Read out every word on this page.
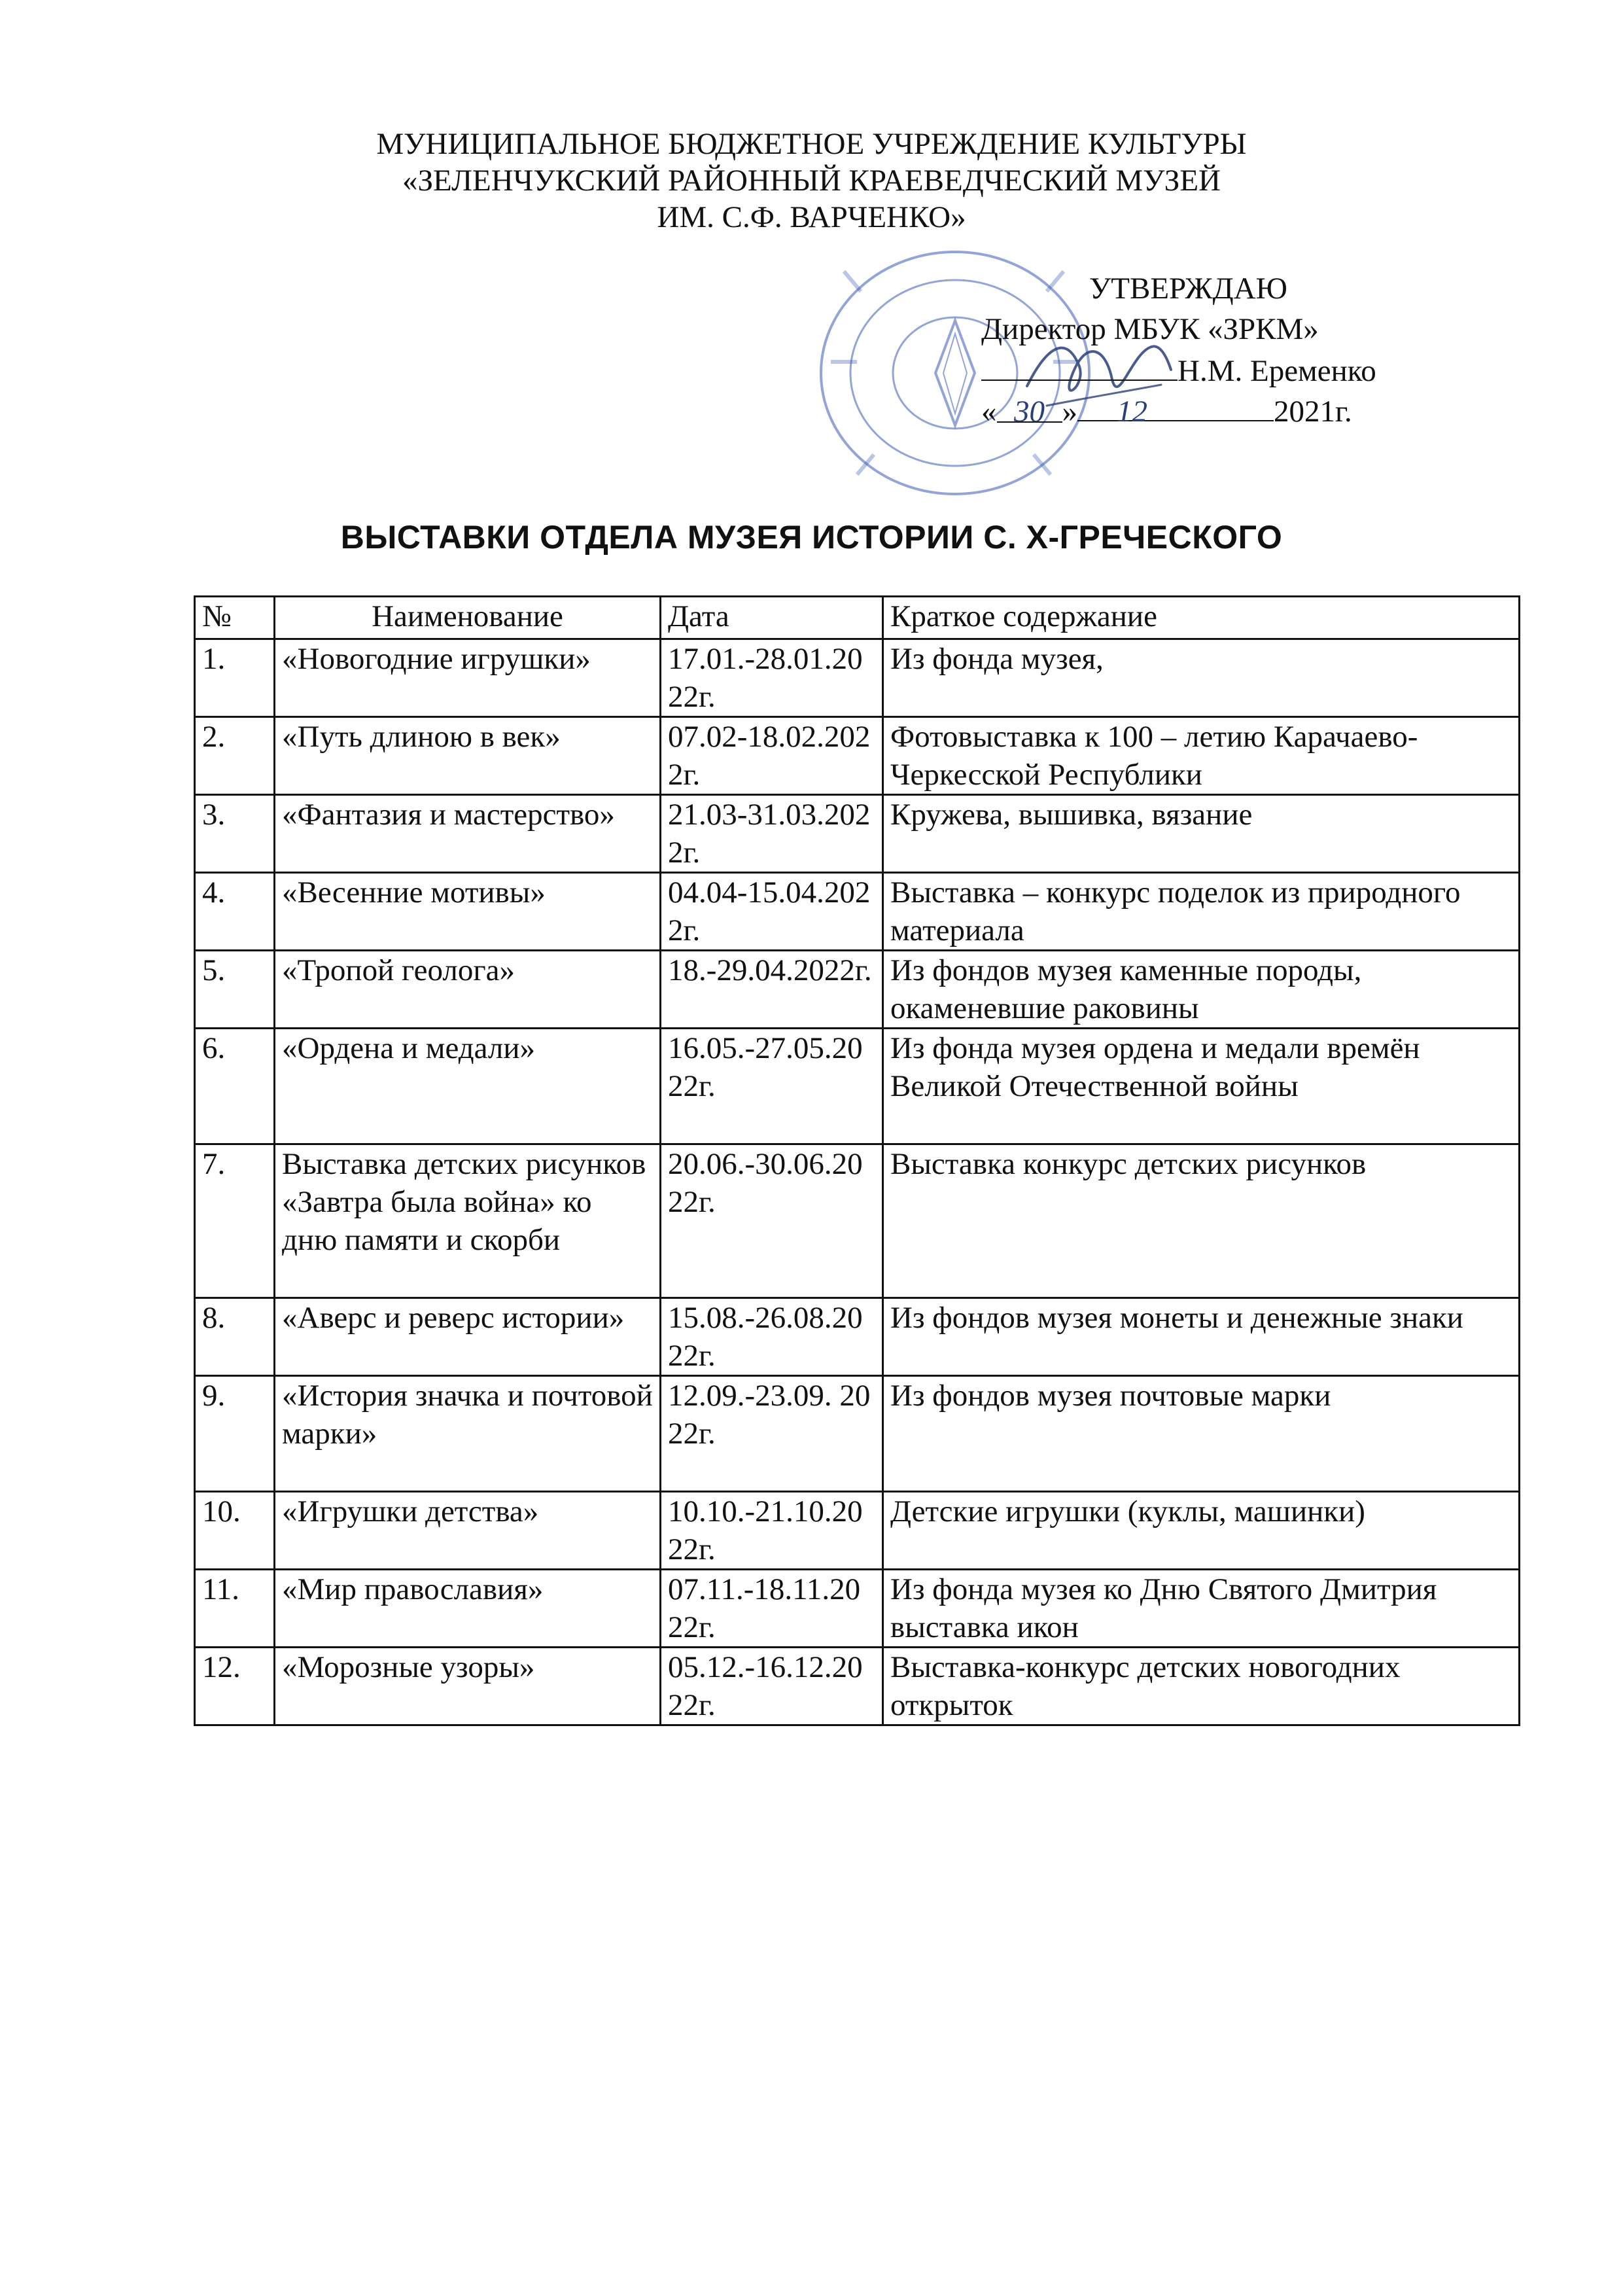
МУНИЦИПАЛЬНОЕ БЮДЖЕТНОЕ УЧРЕЖДЕНИЕ КУЛЬТУРЫ
«ЗЕЛЕНЧУКСКИЙ РАЙОННЫЙ КРАЕВЕДЧЕСКИЙ МУЗЕЙ
ИМ. С.Ф. ВАРЧЕНКО»
УТВЕРЖДАЮ
Директор МБУК «ЗРКМ»
Н.М. Еременко
« 30 » 12	2021г.
ВЫСТАВКИ ОТДЕЛА МУЗЕЯ ИСТОРИИ С. Х-ГРЕЧЕСКОГО
№	Наименование	Дата	Краткое содержание
1.	«Новогодние игрушки»	17.01.-28.01.2022г.	Из фонда музея,
2.	«Путь длиною в век»	07.02-18.02.2022г.	Фотовыставка к 100 – летию Карачаево-Черкесской Республики
3.	«Фантазия и мастерство»	21.03-31.03.2022г.	Кружева, вышивка, вязание
4.	«Весенние мотивы»	04.04-15.04.2022г.	Выставка – конкурс поделок из природного материала
5.	«Тропой геолога»	18.-29.04.2022г.	Из фондов музея каменные породы, окаменевшие раковины
6.	«Ордена и медали»	16.05.-27.05.2022г.	Из фонда музея ордена и медали времён Великой Отечественной войны
7.	Выставка детских рисунков «Завтра была война» ко дню памяти и скорби	20.06.-30.06.2022г.	Выставка конкурс детских рисунков
8.	«Аверс и реверс истории»	15.08.-26.08.2022г.	Из фондов музея монеты и денежные знаки
9.	«История значка и почтовой марки»	12.09.-23.09. 2022г.	Из фондов музея почтовые марки
10.	«Игрушки детства»	10.10.-21.10.2022г.	Детские игрушки (куклы, машинки)
11.	«Мир православия»	07.11.-18.11.2022г.	Из фонда музея ко Дню Святого Дмитрия выставка икон
12.	«Морозные узоры»	05.12.-16.12.2022г.	Выставка-конкурс детских новогодних открыток
